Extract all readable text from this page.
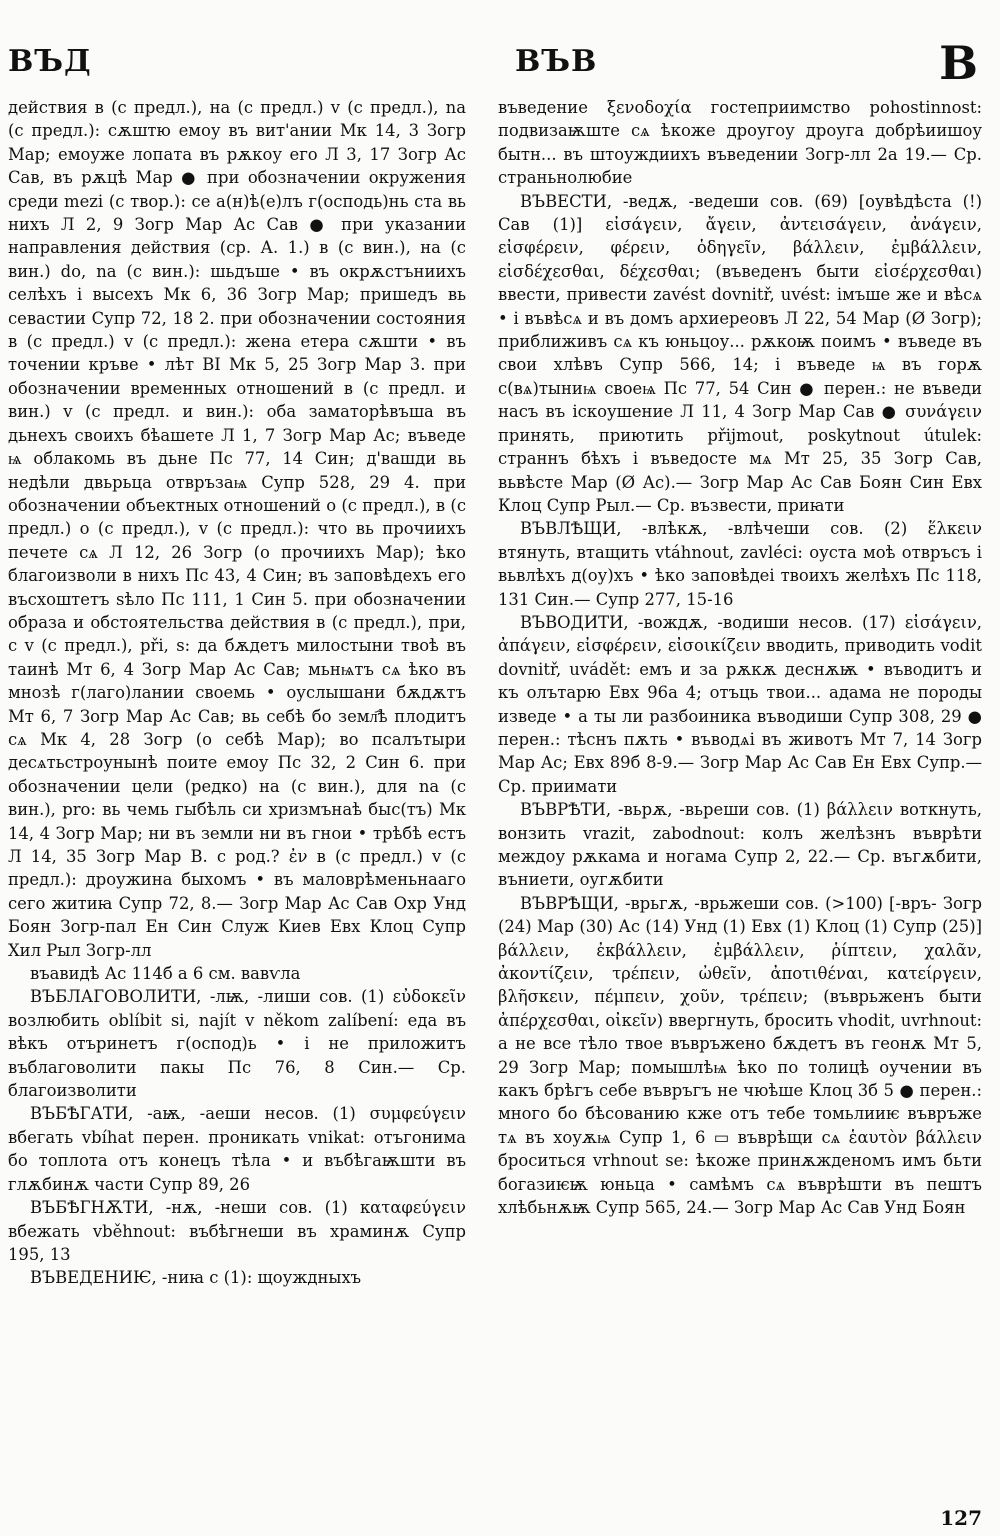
ВЪД	ВЪВ	В

действия в (с предл.), на (с предл.) v (с предл.), na (с предл.): сѫштю емоу въ вит'ании Мк 14, 3 Зогр Мар; емоуже лопата въ рѫкоу его Л 3, 17 Зогр Ас Сав, въ рѫцѣ Мар ● при обозначении окружения среди mezi (с твор.): се а(н)ѣ(е)лъ г(осподь)нь ста вь нихъ Л 2, 9 Зогр Мар Ас Сав ● при указании направления действия (ср. А. 1.) в (с вин.), на (с вин.) do, na (с вин.): шьдъше • въ окрѫстъниихъ селѣхъ і высехъ Мк 6, 36 Зогр Мар; пришедъ вь севастии Супр 72, 18 2. при обозначении состояния в (с предл.) v (с предл.): жена етера сѫшти • въ точении кръве • лѣт ВІ Мк 5, 25 Зогр Мар 3. при обозначении временных отношений в (с предл. и вин.) v (с предл. и вин.): оба заматорѣвъша въ дьнехъ своихъ бѣашете Л 1, 7 Зогр Мар Ас; въведе ѩ облакомь въ дьне Пс 77, 14 Син; д'вашди вь недѣли двьрьца отвръзаѩ Супр 528, 29 4. при обозначении объектных отношений о (с предл.), в (с предл.) o (с предл.), v (с предл.): что вь прочиихъ печете сѧ Л 12, 26 Зогр (о прочиихъ Мар); ѣко благоизволи в нихъ Пс 43, 4 Син; въ заповѣдехъ его въсхоштетъ ѕѣло Пс 111, 1 Син 5. при обозначении образа и обстоятельства действия в (с предл.), при, с v (с предл.), při, s: да бѫдетъ милостыни твоѣ въ таинѣ Мт 6, 4 Зогр Мар Ас Сав; мьнѩтъ сѧ ѣко въ мнозѣ г(лаго)лании своемь • оуслышани бѫдѫтъ Мт 6, 7 Зогр Мар Ас Сав; вь себѣ бо земл҄ѣ плодитъ сѧ Мк 4, 28 Зогр (о себѣ Мар); во псалътыри десѧтьстроунынѣ поите емоу Пс 32, 2 Син 6. при обозначении цели (редко) на (с вин.), для na (с вин.), pro: вь чемь гыбѣль си хризмънаѣ быс(тъ) Мк 14, 4 Зогр Мар; ни въ земли ни въ гнои • трѣбѣ естъ Л 14, 35 Зогр Мар В. с род.? ἐν в (с предл.) v (с предл.): дроужина быхомъ • въ маловрѣменьнааго сего житиꙗ Супр 72, 8.— Зогр Мар Ас Сав Охр Унд Боян Зогр-пал Ен Син Служ Киев Евх Клоц Супр Хил Рыл Зогр-лл

въавидѣ Ас 114б а 6 см. вавѵла

ВЪБЛАГОВОЛИТИ, -лѭ, -лиши сов. (1) εὐδοκεῖν возлюбить oblíbit si, najít v někom zalíbení: еда въ вѣкъ отъринетъ г(оспод)ь • і не приложитъ въблаговолити пакы Пс 76, 8 Син.— Ср. благоизволити

ВЪБѢГАТИ, -аѭ, -аеши несов. (1) συμφεύγειν вбегать vbíhat перен. проникать vnikat: отъгонима бо топлота отъ конецъ тѣла • и въбѣгаѭшти въ глѫбинѫ части Супр 89, 26

ВЪБѢГНѪТИ, -нѫ, -неши сов. (1) καταφεύγειν вбежать vběhnout: въбѣгнеши въ храминѫ Супр 195, 13

ВЪВЕДЕНИѤ, -ниꙗ с (1): щоуждныхъ

въведение ξενοδοχία гостеприимство pohostinnost: подвизаѭште сѧ ѣкоже дроугоу дроуга добрѣиишоу бытн... въ штоуждиихъ въведении Зогр-лл 2а 19.— Ср. страньнолюбие

ВЪВЕСТИ, -ведѫ, -ведеши сов. (69) [оувѣдѣста (!) Сав (1)] εἰσάγειν, ἄγειν, ἀντεισάγειν, ἀνάγειν, εἰσφέρειν, φέρειν, ὁδηγεῖν, βάλλειν, ἐμβάλλειν, εἰσδέχεσθαι, δέχεσθαι; (въведенъ быти εἰσέρχεσθαι) ввести, привести zavést dovnitř, uvést: імъше же и вѣсѧ • і въвѣсѧ и въ домъ архиереовъ Л 22, 54 Мар (Ø Зогр); приближивъ сѧ къ юньцоу... рѫкоѭ поимъ • въведе въ свои хлѣвъ Супр 566, 14; і въведе ѩ въ горѫ с(вѧ)тыниѩ своеѩ Пс 77, 54 Син ● перен.: не въведи насъ въ іскоушение Л 11, 4 Зогр Мар Сав ● συνάγειν принять, приютить přijmout, poskytnout útulek: страннъ бѣхъ і въведосте мѧ Мт 25, 35 Зогр Сав, вьвѣсте Мар (Ø Ас).— Зогр Мар Ас Сав Боян Син Евх Клоц Супр Рыл.— Ср. възвести, приꙗти

ВЪВЛѢЩИ, -влѣкѫ, -влѣчеши сов. (2) ἕλκειν втянуть, втащить vtáhnout, zavléci: оуста моѣ отвръсъ і вьвлѣхъ д(оу)хъ • ѣко заповѣдеі твоихъ желѣхъ Пс 118, 131 Син.— Супр 277, 15-16

ВЪВОДИТИ, -вождѫ, -водиши несов. (17) εἰσάγειν, ἀπάγειν, εἰσφέρειν, εἰσοικίζειν вводить, приводить vodit dovnitř, uvádět: емъ и за рѫкѫ деснѫѭ • въводитъ и къ олътарю Евх 96а 4; отъць твои... адама не породы изведе • а ты ли разбоиника въводиши Супр 308, 29 ● перен.: тѣснъ пѫть • въводѧі въ животъ Мт 7, 14 Зогр Мар Ас; Евх 89б 8-9.— Зогр Мар Ас Сав Ен Евх Супр.— Ср. приимати

ВЪВРѢТИ, -вьрѫ, -вьреши сов. (1) βάλλειν воткнуть, вонзить vrazit, zabodnout: колъ желѣзнъ въврѣти междоу рѫкама и ногама Супр 2, 22.— Ср. въгѫбити, въниети, оугѫбити

ВЪВРѢЩИ, -врьгѫ, -врьжеши сов. (>100) [-връ- Зогр (24) Мар (30) Ас (14) Унд (1) Евх (1) Клоц (1) Супр (25)] βάλλειν, ἐκβάλλειν, ἐμβάλλειν, ῥίπτειν, χαλᾶν, ἀκοντίζειν, τρέπειν, ὠθεῖν, ἀποτιθέναι, κατείργειν, βλῆσκειν, πέμπειν, χοῦν, τρέπειν; (въврьженъ быти ἀπέρχεσθαι, οἰκεῖν) ввергнуть, бросить vhodit, uvrhnout: а не все тѣло твое въвръжено бѫдетъ въ геонѫ Мт 5, 29 Зогр Мар; помышлѣѩ ѣко по толицѣ оучении въ какъ брѣгъ себе въвръгъ не чюѣше Клоц 3б 5 ● перен.: много бо бѣсованию кже отъ тебе томьлииѥ въвръже тѧ въ хоуѫѩ Супр 1, 6 ▭ въврѣщи сѧ ἑαυτὸν βάλλειν броситься vrhnout se: ѣкоже принѫжденомъ имъ бьти богазиѥѭ юньца • самѣмъ сѧ въврѣшти въ пештъ хлѣбьнѫѭ Супр 565, 24.— Зогр Мар Ас Сав Унд Боян

127
